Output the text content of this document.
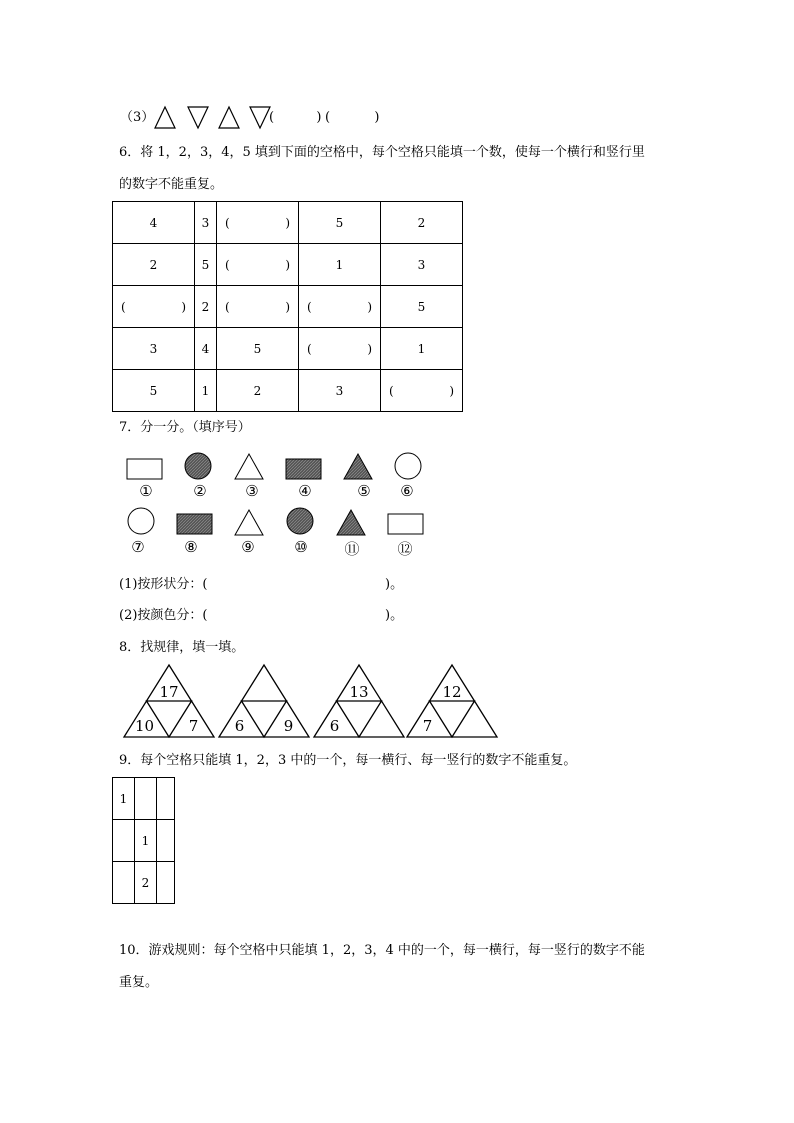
（3）	(	) (	)
6．将 1，2，3，4，5 填到下面的空格中，每个空格只能填一个数，使每一个横行和竖行里
的数字不能重复。
4	3	( )	5	2
2	5	( )	1	3

( )	2	( )	( )	5
3	4	5	( )	1
5	1	2	3	( )
7．分一分。（填序号）
①	②	③	④	⑤	⑥
⑦	⑧	⑨	⑩	⑪	⑫
(1)按形状分：(	)。
(2)按颜色分：(	)。
8．找规律，填一填。
17
10 7 6	9
13
6
12
7
9．每个空格只能填 1，2，3 中的一个，每一横行、每一竖行的数字不能重复。
1		
	1	
	2	
10．游戏规则：每个空格中只能填 1，2，3，4 中的一个，每一横行，每一竖行的数字不能
重复。
